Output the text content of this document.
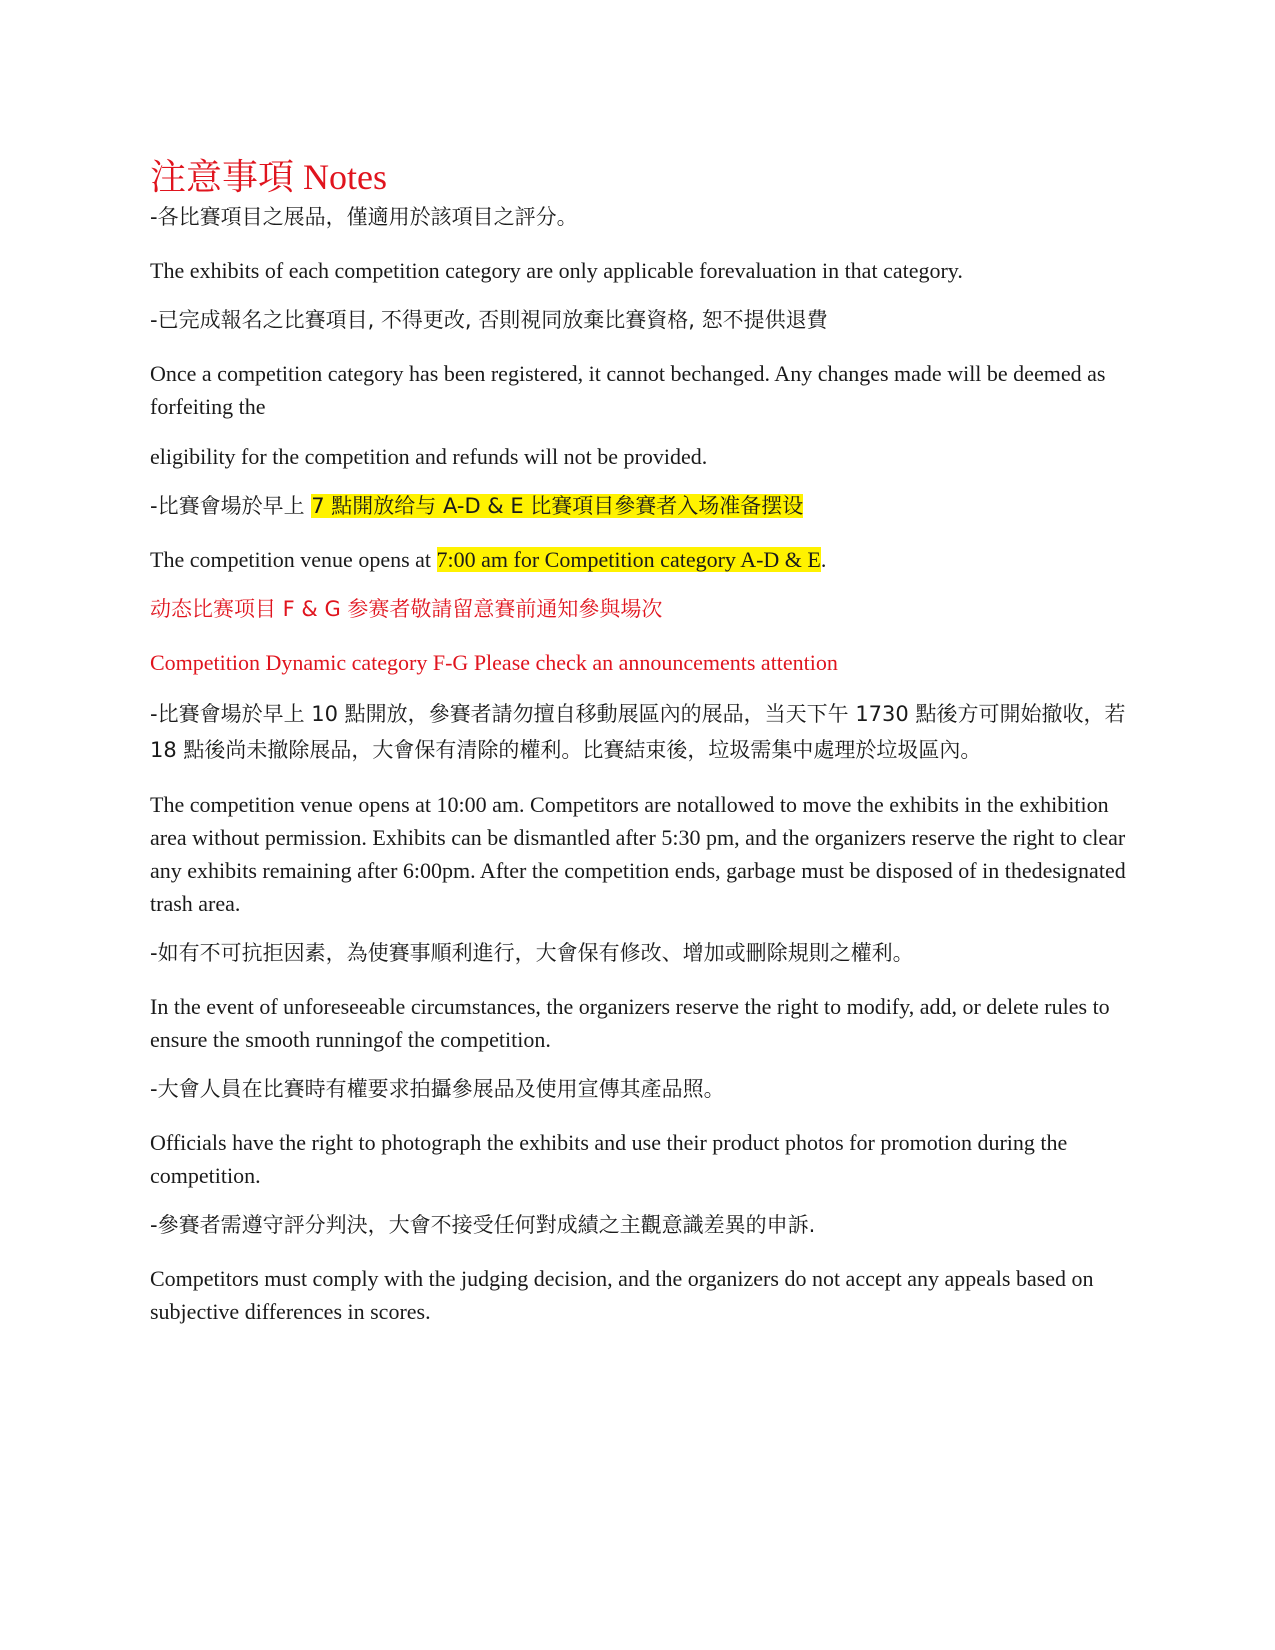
注意事項 Notes

-各比賽項目之展品，僅適用於該項目之評分。

The exhibits of each competition category are only applicable forevaluation in that category.

-已完成報名之比賽項目, 不得更改, 否則視同放棄比賽資格, 恕不提供退費

Once a competition category has been registered, it cannot bechanged. Any changes made will be deemed as forfeiting the

eligibility for the competition and refunds will not be provided.

-比賽會場於早上 7 點開放给与 A-D & E 比賽項目參賽者入场准备摆设

The competition venue opens at 7:00 am for Competition category A-D & E.

动态比赛项目 F & G 参赛者敬請留意賽前通知參與場次

Competition Dynamic category F-G Please check an announcements attention

-比賽會場於早上 10 點開放，參賽者請勿擅自移動展區內的展品，当天下午 1730 點後方可開始撤收，若 18 點後尚未撤除展品，大會保有清除的權利。比賽結束後，垃圾需集中處理於垃圾區內。

The competition venue opens at 10:00 am. Competitors are notallowed to move the exhibits in the exhibition area without permission. Exhibits can be dismantled after 5:30 pm, and the organizers reserve the right to clear any exhibits remaining after 6:00pm. After the competition ends, garbage must be disposed of in thedesignated trash area.

-如有不可抗拒因素，為使賽事順利進行，大會保有修改、增加或刪除規則之權利。

In the event of unforeseeable circumstances, the organizers reserve the right to modify, add, or delete rules to ensure the smooth runningof the competition.

-大會人員在比賽時有權要求拍攝參展品及使用宣傳其產品照。

Officials have the right to photograph the exhibits and use their product photos for promotion during the competition.

-參賽者需遵守評分判決，大會不接受任何對成績之主觀意識差異的申訴.

Competitors must comply with the judging decision, and the organizers do not accept any appeals based on subjective differences in scores.
